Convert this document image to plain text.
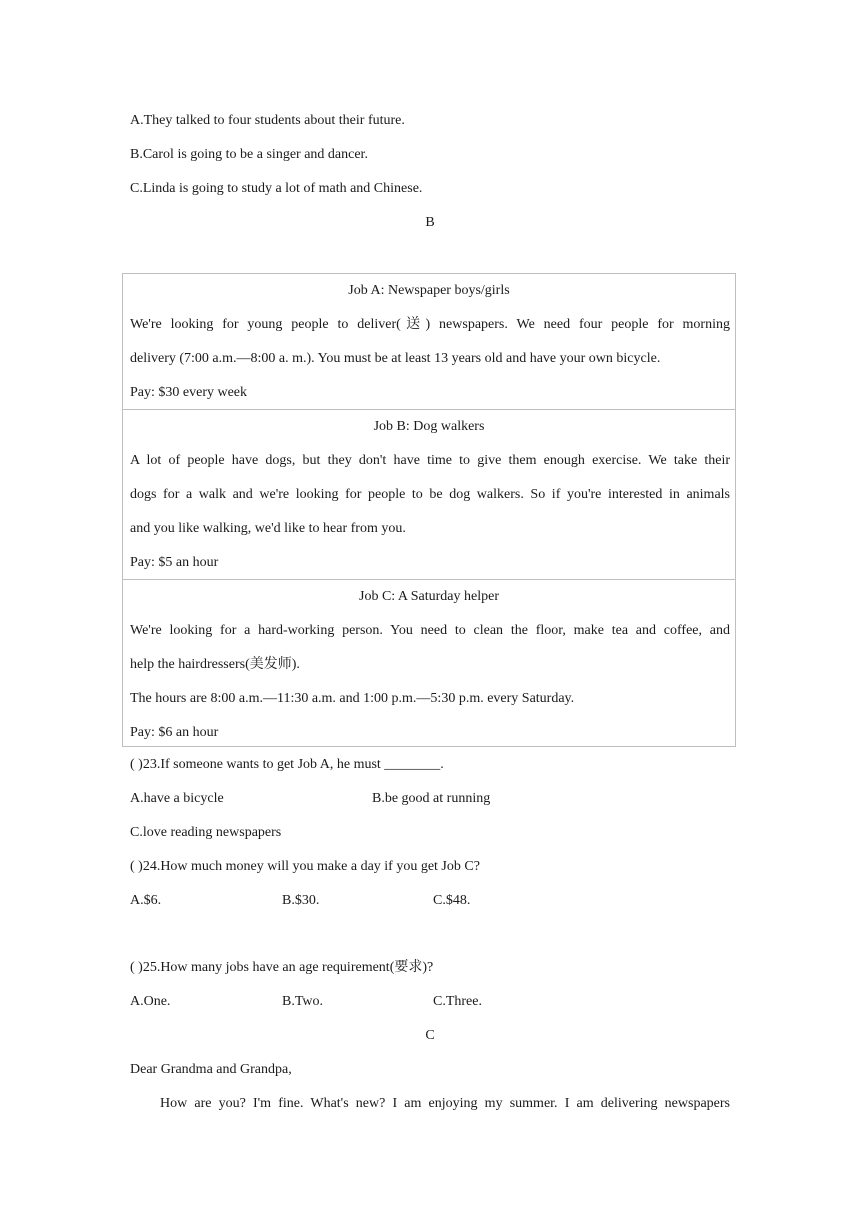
A.They talked to four students about their future.
B.Carol is going to be a singer and dancer.
C.Linda is going to study a lot of math and Chinese.
B
Job A: Newspaper boys/girls
We're looking for young people to deliver(送) newspapers. We need four people for morning
delivery (7:00 a.m.—8:00 a. m.). You must be at least 13 years old and have your own bicycle.
Pay: $30 every week
Job B: Dog walkers
A lot of people have dogs, but they don't have time to give them enough exercise. We take their
dogs for a walk and we're looking for people to be dog walkers. So if you're interested in animals
and you like walking, we'd like to hear from you.
Pay: $5 an hour
Job C: A Saturday helper
We're looking for a hard-working person. You need to clean the floor, make tea and coffee, and
help the hairdressers(美发师).
The hours are 8:00 a.m.—11:30 a.m. and 1:00 p.m.—5:30 p.m. every Saturday.
Pay: $6 an hour
( )23.If someone wants to get Job A, he must ________.
A.have a bicycle	B.be good at running
C.love reading newspapers
( )24.How much money will you make a day if you get Job C?
A.$6.	B.$30.	C.$48.
( )25.How many jobs have an age requirement(要求)?
A.One.	B.Two.	C.Three.
C
Dear Grandma and Grandpa,
How are you? I'm fine. What's new? I am enjoying my summer. I am delivering newspapers
